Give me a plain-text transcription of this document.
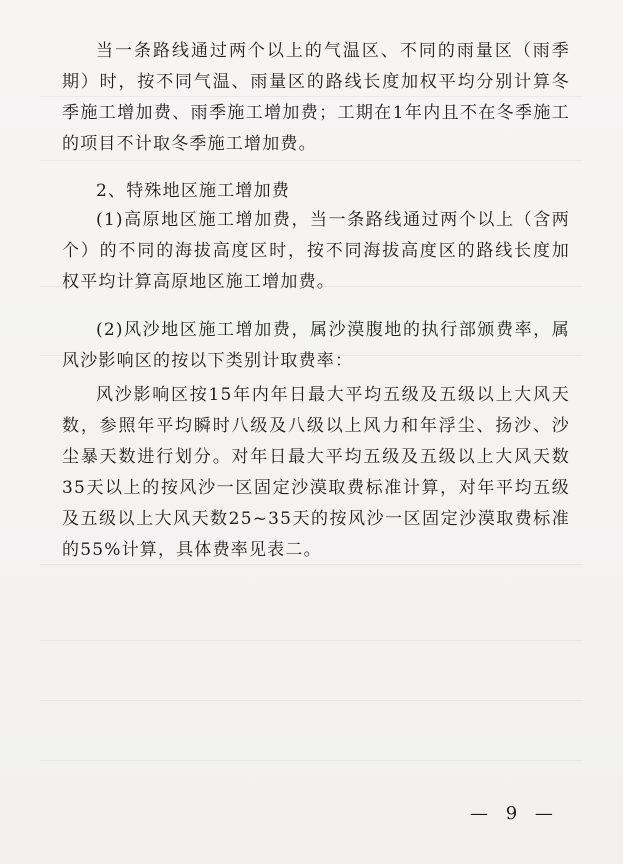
当一条路线通过两个以上的气温区、不同的雨量区（雨季期）时，按不同气温、雨量区的路线长度加权平均分别计算冬季施工增加费、雨季施工增加费；工期在1年内且不在冬季施工的项目不计取冬季施工增加费。

2、特殊地区施工增加费

(1)高原地区施工增加费，当一条路线通过两个以上（含两个）的不同的海拔高度区时，按不同海拔高度区的路线长度加权平均计算高原地区施工增加费。

(2)风沙地区施工增加费，属沙漠腹地的执行部颁费率，属风沙影响区的按以下类别计取费率：

风沙影响区按15年内年日最大平均五级及五级以上大风天数，参照年平均瞬时八级及八级以上风力和年浮尘、扬沙、沙尘暴天数进行划分。对年日最大平均五级及五级以上大风天数35天以上的按风沙一区固定沙漠取费标准计算，对年平均五级及五级以上大风天数25~35天的按风沙一区固定沙漠取费标准的55%计算，具体费率见表二。

— 9 —
